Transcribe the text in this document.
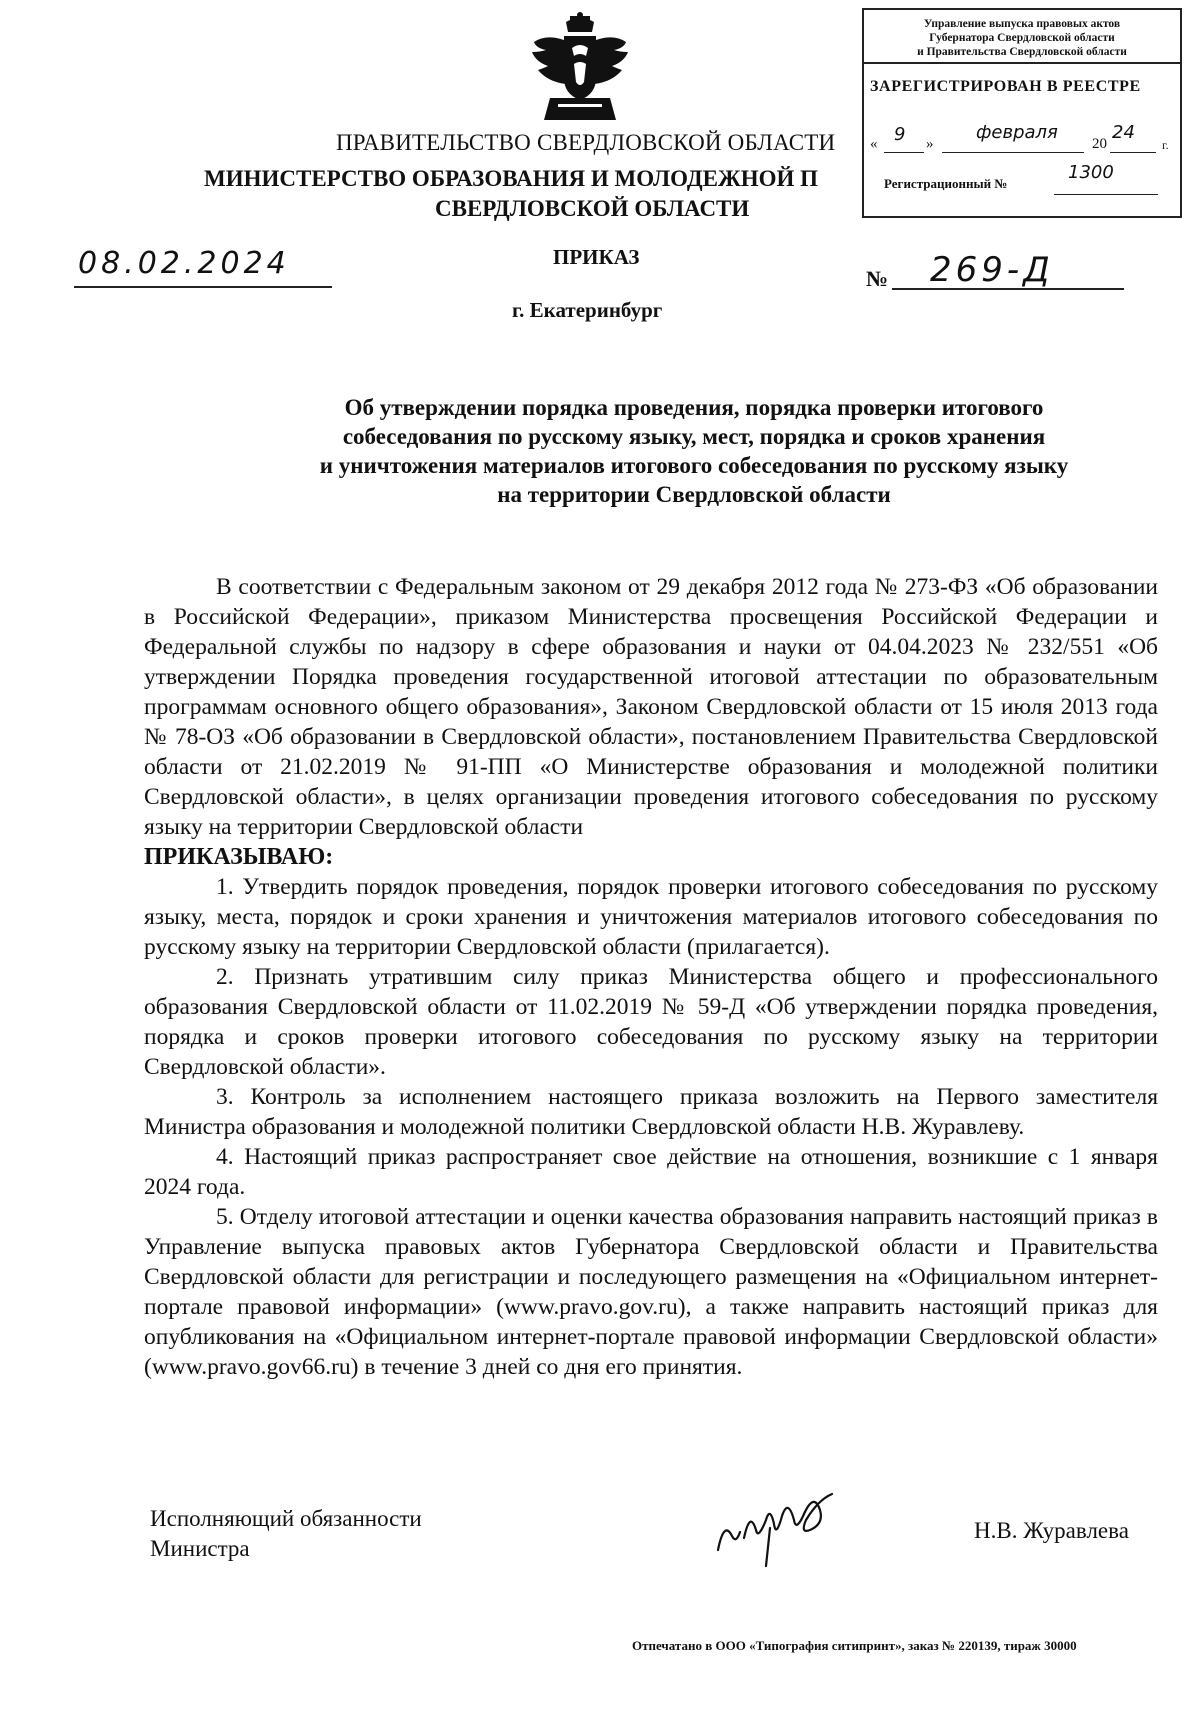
ПРАВИТЕЛЬСТВО СВЕРДЛОВСКОЙ ОБЛАСТИ
МИНИСТЕРСТВО ОБРАЗОВАНИЯ И МОЛОДЕЖНОЙ П
СВЕРДЛОВСКОЙ ОБЛАСТИ
Управление выпуска правовых актов
Губернатора Свердловской области
и Правительства Свердловской области
ЗАРЕГИСТРИРОВАН В РЕЕСТРЕ
« 9 »
февраля
20
24
г.
Регистрационный №
1300
08.02.2024	ПРИКАЗ
№ 269-Д
г. Екатеринбург
Об утверждении порядка проведения, порядка проверки итогового
собеседования по русскому языку, мест, порядка и сроков хранения
и уничтожения материалов итогового собеседования по русскому языку
на территории Свердловской области

В соответствии с Федеральным законом от 29 декабря 2012 года № 273-ФЗ «Об образовании в Российской Федерации», приказом Министерства просвещения Российской Федерации и Федеральной службы по надзору в сфере образования и науки от 04.04.2023 № 232/551 «Об утверждении Порядка проведения государственной итоговой аттестации по образовательным программам основного общего образования», Законом Свердловской области от 15 июля 2013 года № 78-ОЗ «Об образовании в Свердловской области», постановлением Правительства Свердловской области от 21.02.2019 № 91-ПП «О Министерстве образования и молодежной политики Свердловской области», в целях организации проведения итогового собеседования по русскому языку на территории Свердловской области

ПРИКАЗЫВАЮ:

1. Утвердить порядок проведения, порядок проверки итогового собеседования по русскому языку, места, порядок и сроки хранения и уничтожения материалов итогового собеседования по русскому языку на территории Свердловской области (прилагается).

2. Признать утратившим силу приказ Министерства общего и профессионального образования Свердловской области от 11.02.2019 № 59-Д «Об утверждении порядка проведения, порядка и сроков проверки итогового собеседования по русскому языку на территории Свердловской области».

3. Контроль за исполнением настоящего приказа возложить на Первого заместителя Министра образования и молодежной политики Свердловской области Н.В. Журавлеву.

4. Настоящий приказ распространяет свое действие на отношения, возникшие с 1 января 2024 года.

5. Отделу итоговой аттестации и оценки качества образования направить настоящий приказ в Управление выпуска правовых актов Губернатора Свердловской области и Правительства Свердловской области для регистрации и последующего размещения на «Официальном интернет-портале правовой информации» (www.pravo.gov.ru), а также направить настоящий приказ для опубликования на «Официальном интернет-портале правовой информации Свердловской области» (www.pravo.gov66.ru) в течение 3 дней со дня его принятия.

Исполняющий обязанности
Министра
Н.В. Журавлева
Отпечатано в ООО «Типография ситипринт», заказ № 220139, тираж 30000
